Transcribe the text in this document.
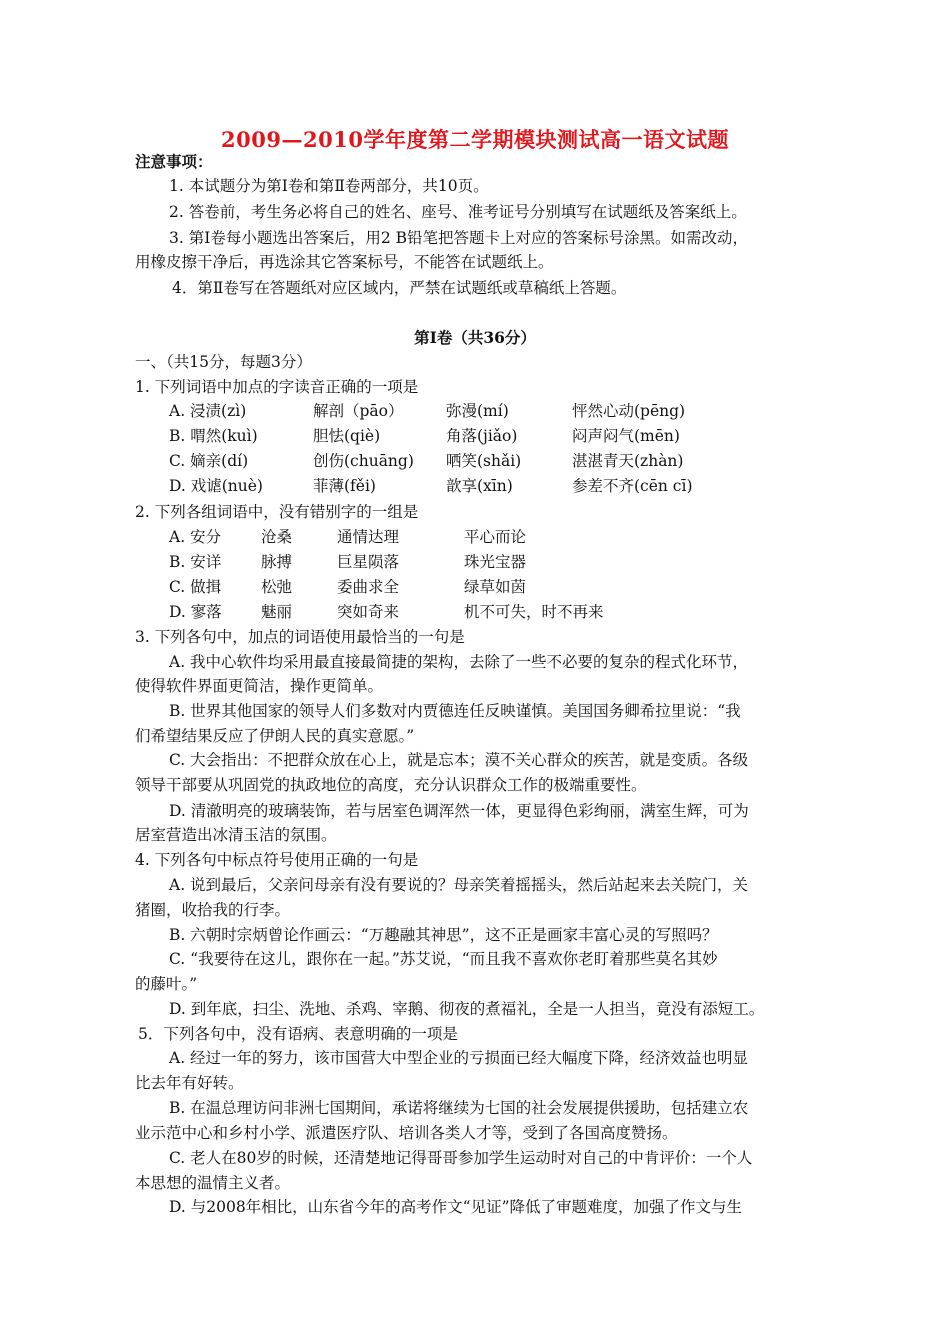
2009—2010学年度第二学期模块测试高一语文试题
注意事项：
1. 本试题分为第Ⅰ卷和第Ⅱ卷两部分，共10页。
2. 答卷前，考生务必将自己的姓名、座号、准考证号分别填写在试题纸及答案纸上。
3. 第Ⅰ卷每小题选出答案后，用2 B铅笔把答题卡上对应的答案标号涂黑。如需改动，
用橡皮擦干净后，再选涂其它答案标号，不能答在试题纸上。
4．第Ⅱ卷写在答题纸对应区域内，严禁在试题纸或草稿纸上答题。
第Ⅰ卷（共36分）
一、（共15分，每题3分）
1. 下列词语中加点的字读音正确的一项是
A. 浸渍(zì)	解剖（pāo）	弥漫(mí)	怦然心动(pēng)
B. 喟然(kuì)	胆怯(qiè)	角落(jiǎo)	闷声闷气(mēn)
C. 嫡亲(dí)	创伤(chuāng) 哂笑(shǎi)	湛湛青天(zhàn)
D. 戏谑(nuè)	菲薄(fěi)	歆享(xīn)	参差不齐(cēn cī)
2. 下列各组词语中，没有错别字的一组是
A. 安分	沧桑	通情达理	平心而论
B. 安详	脉搏	巨星陨落	珠光宝器
C. 做揖	松弛	委曲求全	绿草如茵
D. 寥落	魅丽	突如奇来	机不可失，时不再来
3. 下列各句中，加点的词语使用最恰当的一句是
A. 我中心软件均采用最直接最简捷的架构，去除了一些不必要的复杂的程式化环节，
使得软件界面更简洁，操作更简单。
B. 世界其他国家的领导人们多数对内贾德连任反映谨慎。美国国务卿希拉里说：“我
们希望结果反应了伊朗人民的真实意愿。”
C. 大会指出：不把群众放在心上，就是忘本；漠不关心群众的疾苦，就是变质。各级
领导干部要从巩固党的执政地位的高度，充分认识群众工作的极端重要性。
D. 清澈明亮的玻璃装饰，若与居室色调浑然一体，更显得色彩绚丽，满室生辉，可为
居室营造出冰清玉洁的氛围。
4. 下列各句中标点符号使用正确的一句是
A. 说到最后，父亲问母亲有没有要说的？母亲笑着摇摇头，然后站起来去关院门，关
猪圈，收拾我的行李。
B. 六朝时宗炳曾论作画云：“万趣融其神思”，这不正是画家丰富心灵的写照吗？
C. “我要待在这儿，跟你在一起。”苏艾说，“而且我不喜欢你老盯着那些莫名其妙
的藤叶。”
D. 到年底，扫尘、洗地、杀鸡、宰鹅、彻夜的煮福礼，全是一人担当，竟没有添短工。
5．下列各句中，没有语病、表意明确的一项是
A. 经过一年的努力，该市国营大中型企业的亏损面已经大幅度下降，经济效益也明显
比去年有好转。
B. 在温总理访问非洲七国期间，承诺将继续为七国的社会发展提供援助，包括建立农
业示范中心和乡村小学、派遣医疗队、培训各类人才等，受到了各国高度赞扬。
C. 老人在80岁的时候，还清楚地记得哥哥参加学生运动时对自己的中肯评价：一个人
本思想的温情主义者。
D. 与2008年相比，山东省今年的高考作文“见证”降低了审题难度，加强了作文与生
